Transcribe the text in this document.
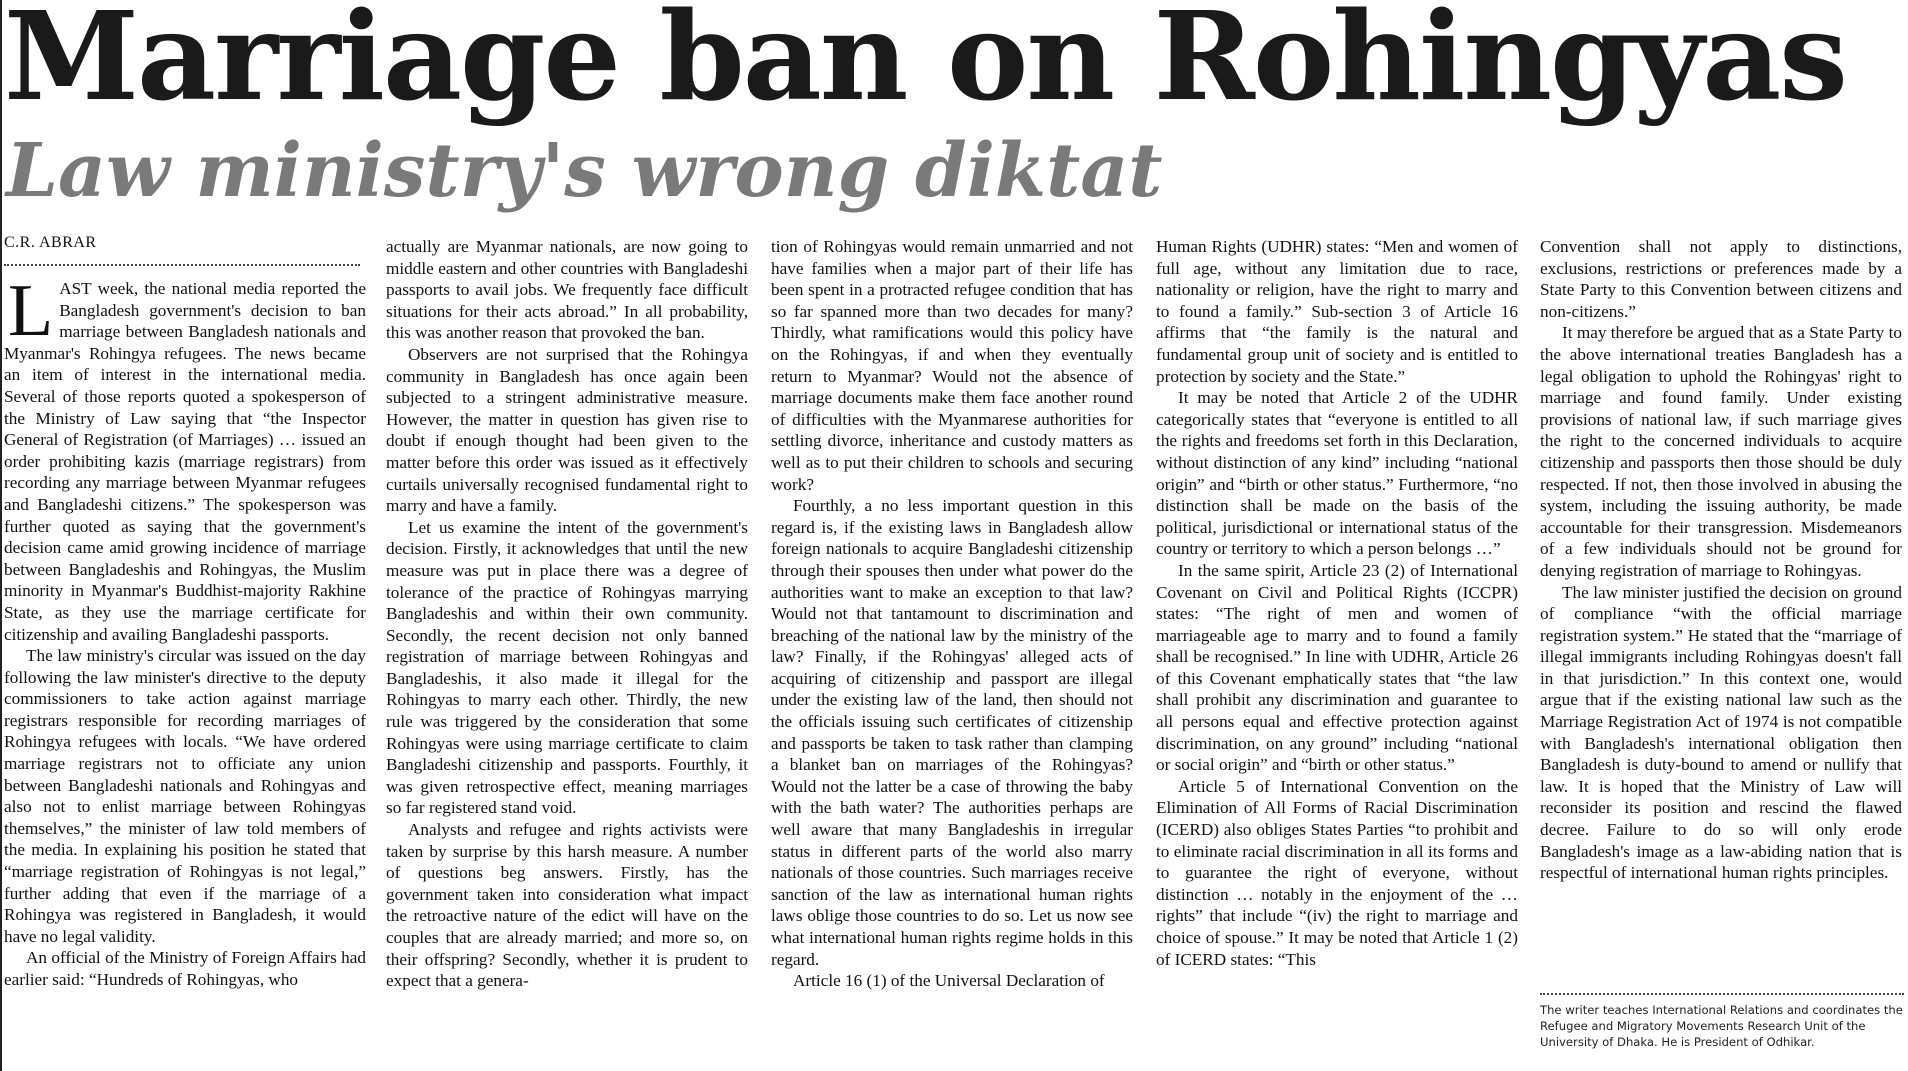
Marriage ban on Rohingyas
Law ministry's wrong diktat
C.R. ABRAR

LAST week, the national media reported the Bangladesh government's decision to ban marriage between Bangladesh nationals and Myanmar's Rohingya refugees. The news became an item of interest in the international media. Several of those reports quoted a spokesperson of the Ministry of Law saying that “the Inspector General of Registration (of Marriages) … issued an order prohibiting kazis (marriage registrars) from recording any marriage between Myanmar refugees and Bangladeshi citizens.” The spokesperson was further quoted as saying that the government's decision came amid growing incidence of marriage between Bangladeshis and Rohingyas, the Muslim minority in Myanmar's Buddhist-majority Rakhine State, as they use the marriage certificate for citizenship and availing Bangladeshi passports.

The law ministry's circular was issued on the day following the law minister's directive to the deputy commissioners to take action against marriage registrars responsible for recording marriages of Rohingya refugees with locals. “We have ordered marriage registrars not to officiate any union between Bangladeshi nationals and Rohingyas and also not to enlist marriage between Rohingyas themselves,” the minister of law told members of the media. In explaining his position he stated that “marriage registration of Rohingyas is not legal,” further adding that even if the marriage of a Rohingya was registered in Bangladesh, it would have no legal validity.

An official of the Ministry of Foreign Affairs had earlier said: “Hundreds of Rohingyas, who

actually are Myanmar nationals, are now going to middle eastern and other countries with Bangladeshi passports to avail jobs. We frequently face difficult situations for their acts abroad.” In all probability, this was another reason that provoked the ban.

Observers are not surprised that the Rohingya community in Bangladesh has once again been subjected to a stringent administrative measure. However, the matter in question has given rise to doubt if enough thought had been given to the matter before this order was issued as it effectively curtails universally recognised fundamental right to marry and have a family.

Let us examine the intent of the government's decision. Firstly, it acknowledges that until the new measure was put in place there was a degree of tolerance of the practice of Rohingyas marrying Bangladeshis and within their own community. Secondly, the recent decision not only banned registration of marriage between Rohingyas and Bangladeshis, it also made it illegal for the Rohingyas to marry each other. Thirdly, the new rule was triggered by the consideration that some Rohingyas were using marriage certificate to claim Bangladeshi citizenship and passports. Fourthly, it was given retrospective effect, meaning marriages so far registered stand void.

Analysts and refugee and rights activists were taken by surprise by this harsh measure. A number of questions beg answers. Firstly, has the government taken into consideration what impact the retroactive nature of the edict will have on the couples that are already married; and more so, on their offspring? Secondly, whether it is prudent to expect that a genera-

tion of Rohingyas would remain unmarried and not have families when a major part of their life has been spent in a protracted refugee condition that has so far spanned more than two decades for many? Thirdly, what ramifications would this policy have on the Rohingyas, if and when they eventually return to Myanmar? Would not the absence of marriage documents make them face another round of difficulties with the Myanmarese authorities for settling divorce, inheritance and custody matters as well as to put their children to schools and securing work?

Fourthly, a no less important question in this regard is, if the existing laws in Bangladesh allow foreign nationals to acquire Bangladeshi citizenship through their spouses then under what power do the authorities want to make an exception to that law? Would not that tantamount to discrimination and breaching of the national law by the ministry of the law? Finally, if the Rohingyas' alleged acts of acquiring of citizenship and passport are illegal under the existing law of the land, then should not the officials issuing such certificates of citizenship and passports be taken to task rather than clamping a blanket ban on marriages of the Rohingyas? Would not the latter be a case of throwing the baby with the bath water? The authorities perhaps are well aware that many Bangladeshis in irregular status in different parts of the world also marry nationals of those countries. Such marriages receive sanction of the law as international human rights laws oblige those countries to do so. Let us now see what international human rights regime holds in this regard.

Article 16 (1) of the Universal Declaration of

Human Rights (UDHR) states: “Men and women of full age, without any limitation due to race, nationality or religion, have the right to marry and to found a family.” Sub-section 3 of Article 16 affirms that “the family is the natural and fundamental group unit of society and is entitled to protection by society and the State.”

It may be noted that Article 2 of the UDHR categorically states that “everyone is entitled to all the rights and freedoms set forth in this Declaration, without distinction of any kind” including “national origin” and “birth or other status.” Furthermore, “no distinction shall be made on the basis of the political, jurisdictional or international status of the country or territory to which a person belongs …”

In the same spirit, Article 23 (2) of International Covenant on Civil and Political Rights (ICCPR) states: “The right of men and women of marriageable age to marry and to found a family shall be recognised.” In line with UDHR, Article 26 of this Covenant emphatically states that “the law shall prohibit any discrimination and guarantee to all persons equal and effective protection against discrimination, on any ground” including “national or social origin” and “birth or other status.”

Article 5 of International Convention on the Elimination of All Forms of Racial Discrimination (ICERD) also obliges States Parties “to prohibit and to eliminate racial discrimination in all its forms and to guarantee the right of everyone, without distinction … notably in the enjoyment of the … rights” that include “(iv) the right to marriage and choice of spouse.” It may be noted that Article 1 (2) of ICERD states: “This

Convention shall not apply to distinctions, exclusions, restrictions or preferences made by a State Party to this Convention between citizens and non-citizens.”

It may therefore be argued that as a State Party to the above international treaties Bangladesh has a legal obligation to uphold the Rohingyas' right to marriage and found family. Under existing provisions of national law, if such marriage gives the right to the concerned individuals to acquire citizenship and passports then those should be duly respected. If not, then those involved in abusing the system, including the issuing authority, be made accountable for their transgression. Misdemeanors of a few individuals should not be ground for denying registration of marriage to Rohingyas.

The law minister justified the decision on ground of compliance “with the official marriage registration system.” He stated that the “marriage of illegal immigrants including Rohingyas doesn't fall in that jurisdiction.” In this context one, would argue that if the existing national law such as the Marriage Registration Act of 1974 is not compatible with Bangladesh's international obligation then Bangladesh is duty-bound to amend or nullify that law. It is hoped that the Ministry of Law will reconsider its position and rescind the flawed decree. Failure to do so will only erode Bangladesh's image as a law-abiding nation that is respectful of international human rights principles.

The writer teaches International Relations and coordinates the Refugee and Migratory Movements Research Unit of the University of Dhaka. He is President of Odhikar.
